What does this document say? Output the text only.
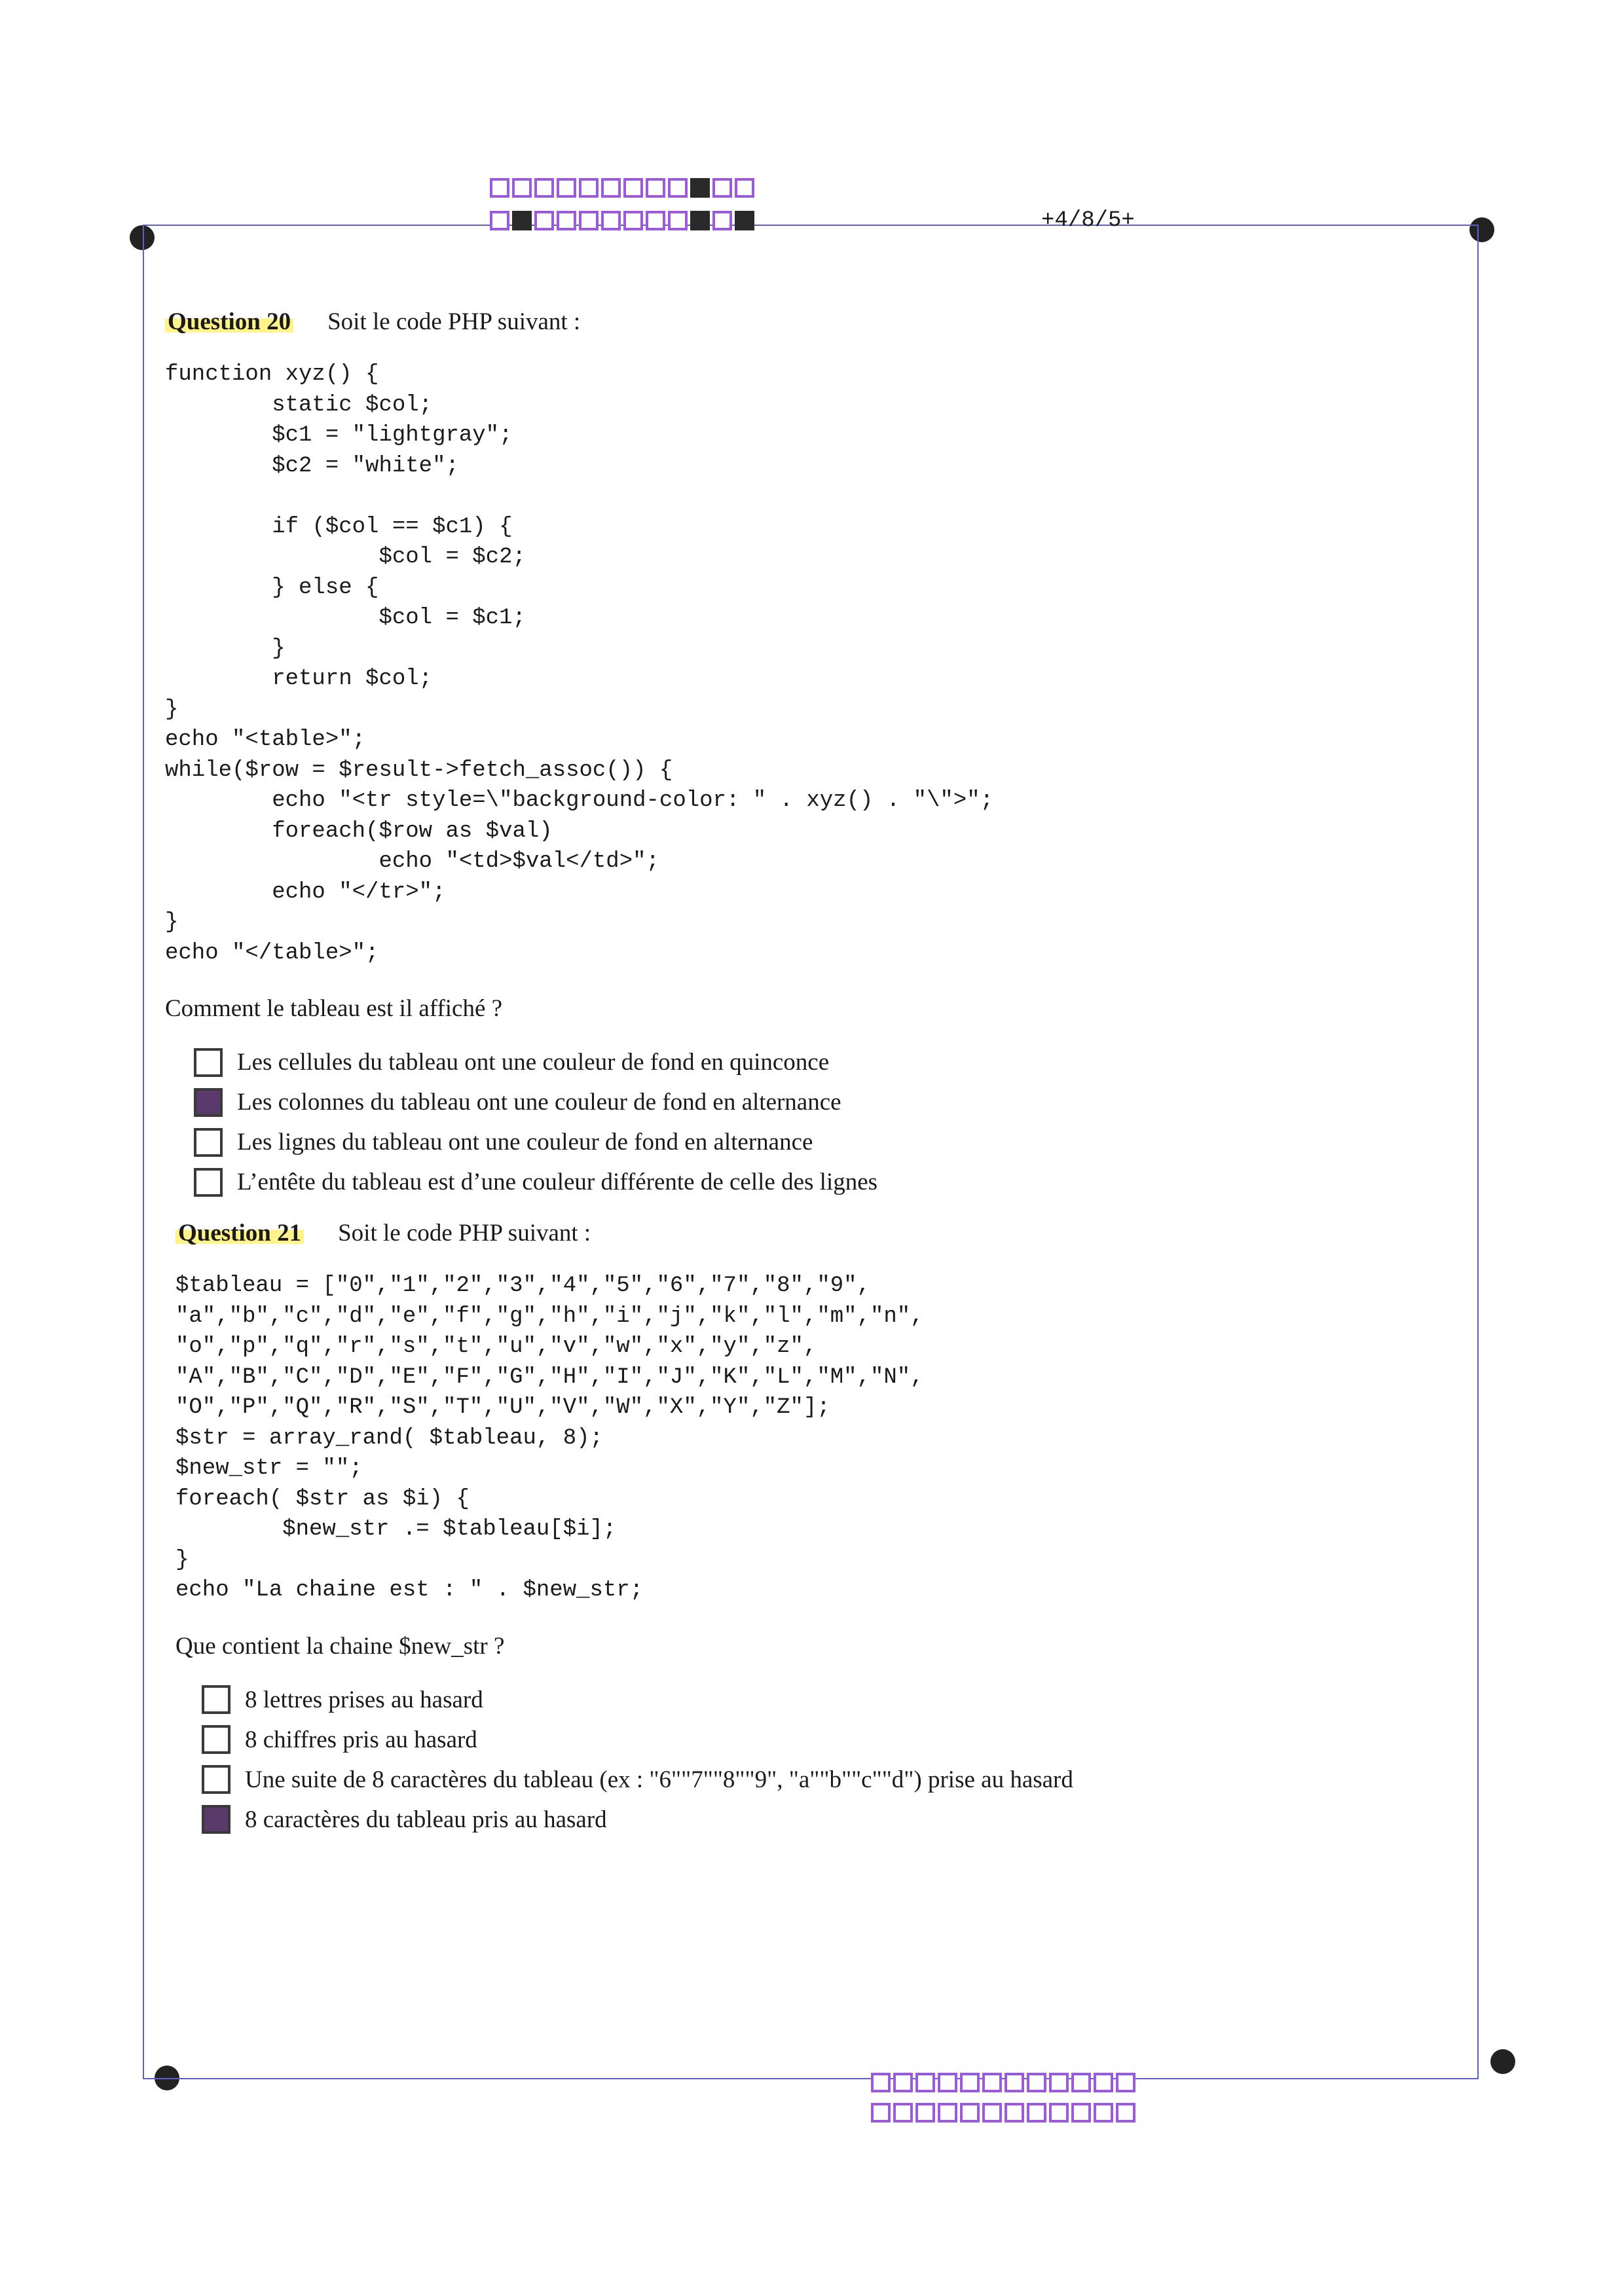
+4/8/5+
Question 20 Soit le code PHP suivant :
function xyz() {
static $col;
$c1 = "lightgray";
$c2 = "white";

if ($col == $c1) {
$col = $c2;
} else {
$col = $c1;
}
return $col;
}
echo "<table>";
while($row = $result->fetch_assoc()) {
echo "<tr style=\"background-color: " . xyz() . "\">";
foreach($row as $val)
echo "<td>$val</td>";
echo "</tr>";
}
echo "</table>";
Comment le tableau est il affiché ?
Les cellules du tableau ont une couleur de fond en quinconce
Les colonnes du tableau ont une couleur de fond en alternance
Les lignes du tableau ont une couleur de fond en alternance
L’entête du tableau est d’une couleur différente de celle des lignes
Question 21 Soit le code PHP suivant :
$tableau = ["0","1","2","3","4","5","6","7","8","9",
"a","b","c","d","e","f","g","h","i","j","k","l","m","n",
"o","p","q","r","s","t","u","v","w","x","y","z",
"A","B","C","D","E","F","G","H","I","J","K","L","M","N",
"O","P","Q","R","S","T","U","V","W","X","Y","Z"];
$str = array_rand( $tableau, 8);
$new_str = "";
foreach( $str as $i) {
$new_str .= $tableau[$i];
}
echo "La chaine est : " . $new_str;
Que contient la chaine $new_str ?
8 lettres prises au hasard
8 chiffres pris au hasard
Une suite de 8 caractères du tableau (ex : "6""7""8""9", "a""b""c""d") prise au hasard
8 caractères du tableau pris au hasard
